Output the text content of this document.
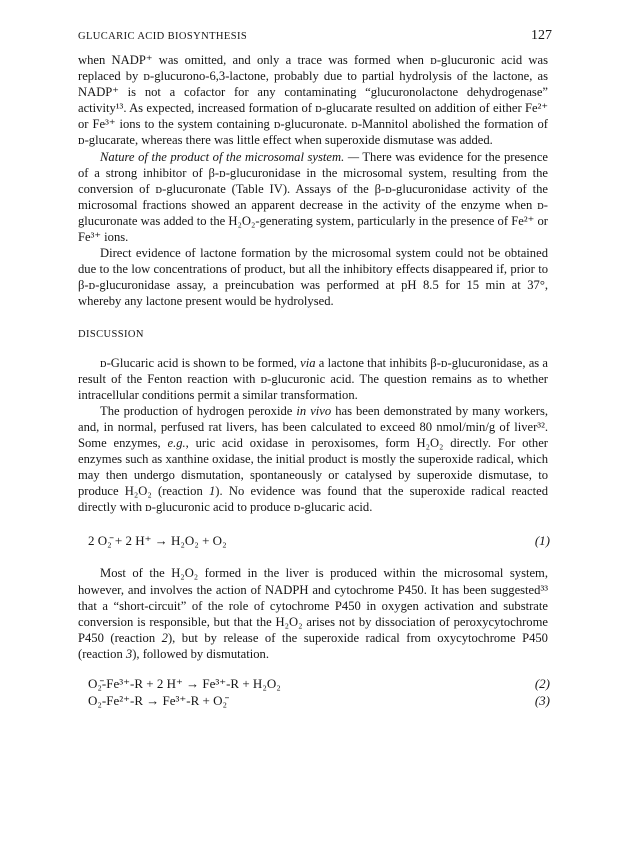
GLUCARIC ACID BIOSYNTHESIS	127

when NADP⁺ was omitted, and only a trace was formed when ᴅ-glucuronic acid was replaced by ᴅ-glucurono-6,3-lactone, probably due to partial hydrolysis of the lactone, as NADP⁺ is not a cofactor for any contaminating “glucuronolactone dehydrogenase” activity¹³. As expected, increased formation of ᴅ-glucarate resulted on addition of either Fe²⁺ or Fe³⁺ ions to the system containing ᴅ-glucuronate. ᴅ-Mannitol abolished the formation of ᴅ-glucarate, whereas there was little effect when superoxide dismutase was added.

Nature of the product of the microsomal system. — There was evidence for the presence of a strong inhibitor of β-ᴅ-glucuronidase in the microsomal system, resulting from the conversion of ᴅ-glucuronate (Table IV). Assays of the β-ᴅ-glucuronidase activity of the microsomal fractions showed an apparent decrease in the activity of the enzyme when ᴅ-glucuronate was added to the H₂O₂-generating system, particularly in the presence of Fe²⁺ or Fe³⁺ ions.

Direct evidence of lactone formation by the microsomal system could not be obtained due to the low concentrations of product, but all the inhibitory effects disappeared if, prior to β-ᴅ-glucuronidase assay, a preincubation was performed at pH 8.5 for 15 min at 37°, whereby any lactone present would be hydrolysed.

DISCUSSION

ᴅ-Glucaric acid is shown to be formed, via a lactone that inhibits β-ᴅ-glucuronidase, as a result of the Fenton reaction with ᴅ-glucuronic acid. The question remains as to whether intracellular conditions permit a similar transformation.

The production of hydrogen peroxide in vivo has been demonstrated by many workers, and, in normal, perfused rat livers, has been calculated to exceed 80 nmol/min/g of liver³². Some enzymes, e.g., uric acid oxidase in peroxisomes, form H₂O₂ directly. For other enzymes such as xanthine oxidase, the initial product is mostly the superoxide radical, which may then undergo dismutation, spontaneously or catalysed by superoxide dismutase, to produce H₂O₂ (reaction 1). No evidence was found that the superoxide radical reacted directly with ᴅ-glucuronic acid to produce ᴅ-glucaric acid.

2 O₂̄ + 2 H⁺ → H₂O₂ + O₂	(1)

Most of the H₂O₂ formed in the liver is produced within the microsomal system, however, and involves the action of NADPH and cytochrome P450. It has been suggested³³ that a “short-circuit” of the role of cytochrome P450 in oxygen activation and substrate conversion is responsible, but that the H₂O₂ arises not by dissociation of peroxycytochrome P450 (reaction 2), but by release of the superoxide radical from oxycytochrome P450 (reaction 3), followed by dismutation.

O₂̄-Fe³⁺-R + 2 H⁺ → Fe³⁺-R + H₂O₂	(2)
O₂-Fe²⁺-R → Fe³⁺-R + O₂̄	(3)
